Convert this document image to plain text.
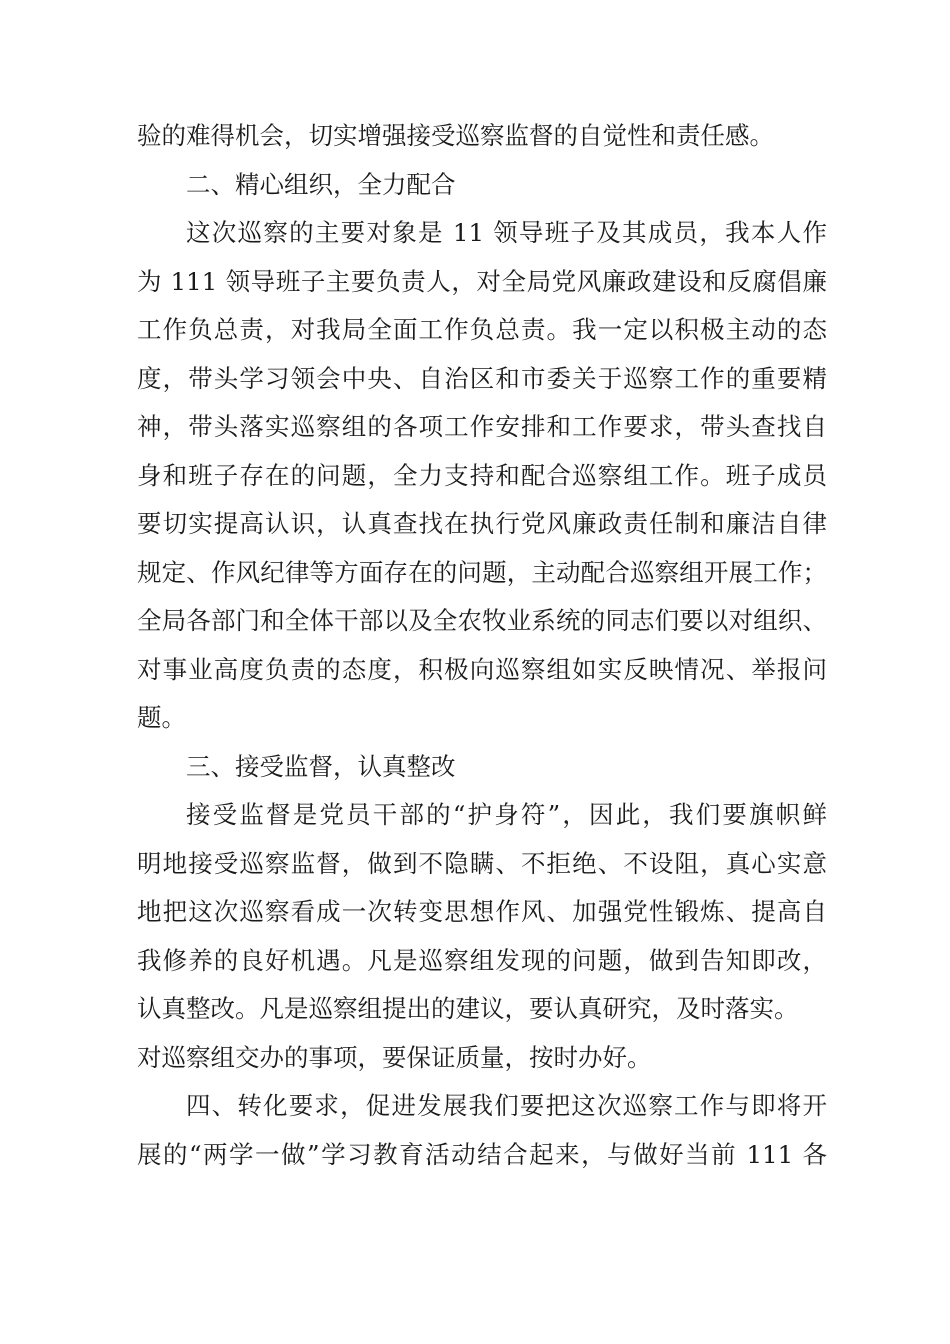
验的难得机会，切实增强接受巡察监督的自觉性和责任感。
二、精心组织，全力配合
这次巡察的主要对象是 11 领导班子及其成员，我本人作
为 111 领导班子主要负责人，对全局党风廉政建设和反腐倡廉
工作负总责，对我局全面工作负总责。我一定以积极主动的态
度，带头学习领会中央、自治区和市委关于巡察工作的重要精
神，带头落实巡察组的各项工作安排和工作要求，带头查找自
身和班子存在的问题，全力支持和配合巡察组工作。班子成员
要切实提高认识，认真查找在执行党风廉政责任制和廉洁自律
规定、作风纪律等方面存在的问题，主动配合巡察组开展工作；
全局各部门和全体干部以及全农牧业系统的同志们要以对组织、
对事业高度负责的态度，积极向巡察组如实反映情况、举报问
题。
三、接受监督，认真整改
接受监督是党员干部的“护身符”，因此，我们要旗帜鲜
明地接受巡察监督，做到不隐瞒、不拒绝、不设阻，真心实意
地把这次巡察看成一次转变思想作风、加强党性锻炼、提高自
我修养的良好机遇。凡是巡察组发现的问题，做到告知即改，
认真整改。凡是巡察组提出的建议，要认真研究，及时落实。
对巡察组交办的事项，要保证质量，按时办好。
四、转化要求，促进发展我们要把这次巡察工作与即将开
展的“两学一做”学习教育活动结合起来，与做好当前 111 各
